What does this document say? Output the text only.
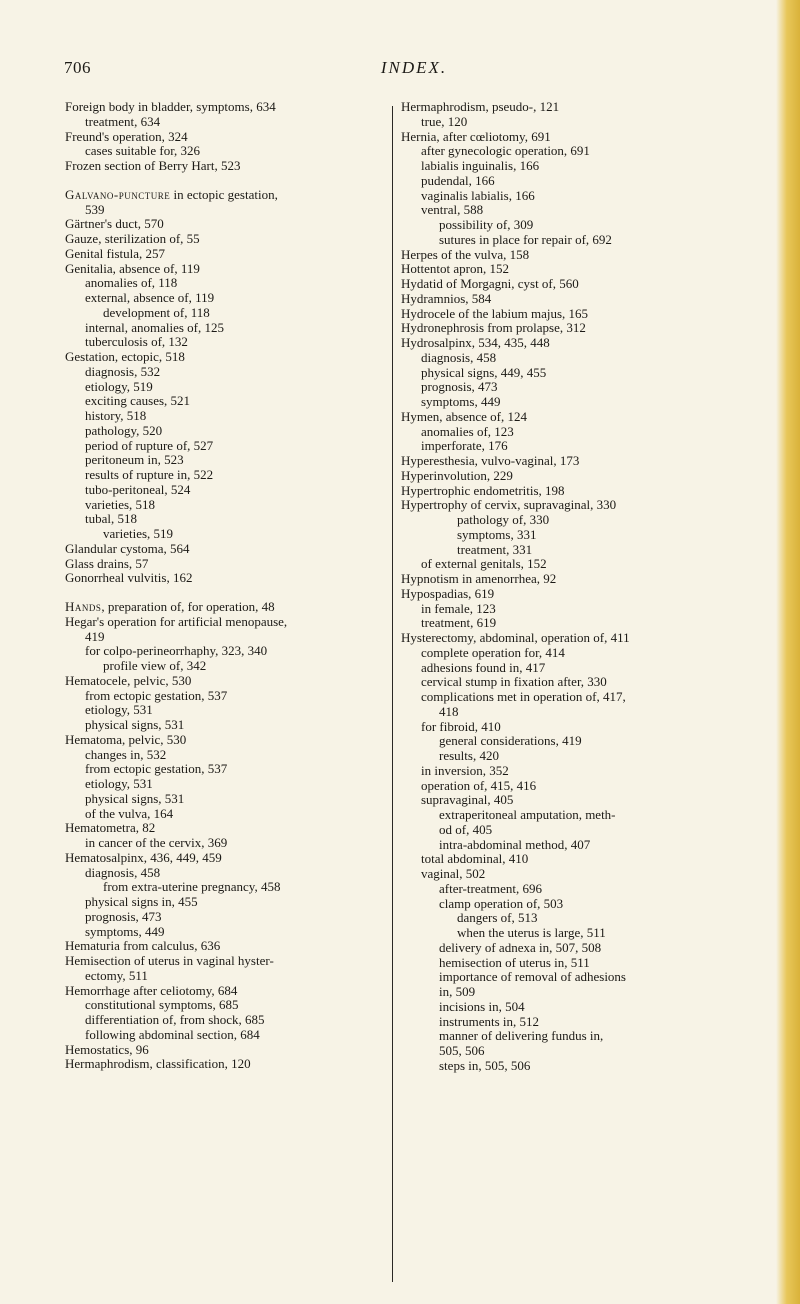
706	INDEX.
Foreign body in bladder, symptoms, 634
treatment, 634
Freund's operation, 324
cases suitable for, 326
Frozen section of Berry Hart, 523
Galvano-puncture in ectopic gestation,
539
Gärtner's duct, 570
Gauze, sterilization of, 55
Genital fistula, 257
Genitalia, absence of, 119
anomalies of, 118
external, absence of, 119
development of, 118
internal, anomalies of, 125
tuberculosis of, 132
Gestation, ectopic, 518
diagnosis, 532
etiology, 519
exciting causes, 521
history, 518
pathology, 520
period of rupture of, 527
peritoneum in, 523
results of rupture in, 522
tubo-peritoneal, 524
varieties, 518
tubal, 518
varieties, 519
Glandular cystoma, 564
Glass drains, 57
Gonorrheal vulvitis, 162
Hands, preparation of, for operation, 48
Hegar's operation for artificial menopause,
419
for colpo-perineorrhaphy, 323, 340
profile view of, 342
Hematocele, pelvic, 530
from ectopic gestation, 537
etiology, 531
physical signs, 531
Hematoma, pelvic, 530
changes in, 532
from ectopic gestation, 537
etiology, 531
physical signs, 531
of the vulva, 164
Hematometra, 82
in cancer of the cervix, 369
Hematosalpinx, 436, 449, 459
diagnosis, 458
from extra-uterine pregnancy, 458
physical signs in, 455
prognosis, 473
symptoms, 449
Hematuria from calculus, 636
Hemisection of uterus in vaginal hyster-
ectomy, 511
Hemorrhage after celiotomy, 684
constitutional symptoms, 685
differentiation of, from shock, 685
following abdominal section, 684
Hemostatics, 96
Hermaphrodism, classification, 120
Hermaphrodism, pseudo-, 121
true, 120
Hernia, after cœliotomy, 691
after gynecologic operation, 691
labialis inguinalis, 166
pudendal, 166
vaginalis labialis, 166
ventral, 588
possibility of, 309
sutures in place for repair of, 692
Herpes of the vulva, 158
Hottentot apron, 152
Hydatid of Morgagni, cyst of, 560
Hydramnios, 584
Hydrocele of the labium majus, 165
Hydronephrosis from prolapse, 312
Hydrosalpinx, 534, 435, 448
diagnosis, 458
physical signs, 449, 455
prognosis, 473
symptoms, 449
Hymen, absence of, 124
anomalies of, 123
imperforate, 176
Hyperesthesia, vulvo-vaginal, 173
Hyperinvolution, 229
Hypertrophic endometritis, 198
Hypertrophy of cervix, supravaginal, 330
pathology of, 330
symptoms, 331
treatment, 331
of external genitals, 152
Hypnotism in amenorrhea, 92
Hypospadias, 619
in female, 123
treatment, 619
Hysterectomy, abdominal, operation of, 411
complete operation for, 414
adhesions found in, 417
cervical stump in fixation after, 330
complications met in operation of, 417,
418
for fibroid, 410
general considerations, 419
results, 420
in inversion, 352
operation of, 415, 416
supravaginal, 405
extraperitoneal amputation, meth-
od of, 405
intra-abdominal method, 407
total abdominal, 410
vaginal, 502
after-treatment, 696
clamp operation of, 503
dangers of, 513
when the uterus is large, 511
delivery of adnexa in, 507, 508
hemisection of uterus in, 511
importance of removal of adhesions
in, 509
incisions in, 504
instruments in, 512
manner of delivering fundus in,
505, 506
steps in, 505, 506
